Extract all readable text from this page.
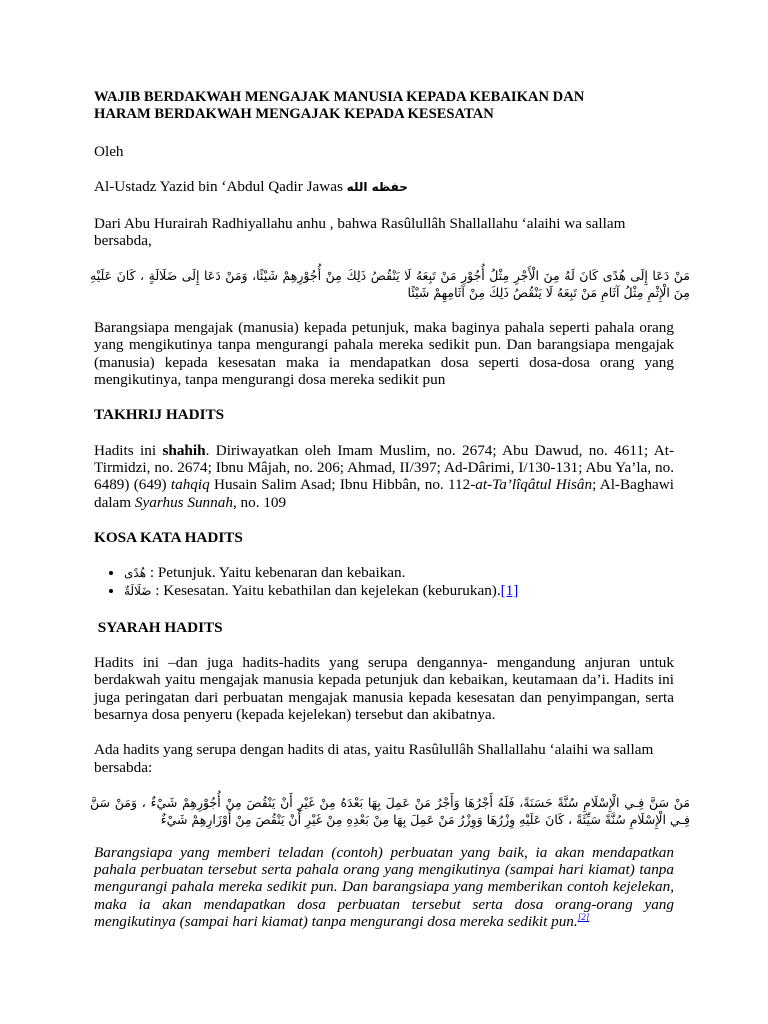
WAJIB BERDAKWAH MENGAJAK MANUSIA KEPADA KEBAIKAN DAN
HARAM BERDAKWAH MENGAJAK KEPADA KESESATAN

Oleh

Al-Ustadz Yazid bin ‘Abdul Qadir Jawas حفظه الله

Dari Abu Hurairah Radhiyallahu anhu , bahwa Rasûlullâh Shallallahu ‘alaihi wa sallam bersabda,

مَنْ دَعَا إِلَى هُدًى كَانَ لَهُ مِنَ الْأَجْرِ مِثْلُ أُجُوْرِ مَنْ تَبِعَهُ لَا يَنْقُصُ ذَلِكَ مِنْ أُجُوْرِهِمْ شَيْئًا، وَمَنْ دَعَا إِلَى ضَلَالَةٍ ، كَانَ عَلَيْهِ مِنَ الْإِثْمِ مِثْلُ آثَامِ مَنْ تَبِعَهُ لَا يَنْقُصُ ذَلِكَ مِنْ آثَامِهِمْ شَيْئًا

Barangsiapa mengajak (manusia) kepada petunjuk, maka baginya pahala seperti pahala orang yang mengikutinya tanpa mengurangi pahala mereka sedikit pun. Dan barangsiapa mengajak (manusia) kepada kesesatan maka ia mendapatkan dosa seperti dosa-dosa orang yang mengikutinya, tanpa mengurangi dosa mereka sedikit pun

TAKHRIJ HADITS

Hadits ini shahih. Diriwayatkan oleh Imam Muslim, no. 2674; Abu Dawud, no. 4611; At-Tirmidzi, no. 2674; Ibnu Mâjah, no. 206; Ahmad, II/397; Ad-Dârimi, I/130-131; Abu Ya’la, no. 6489) (649) tahqiq Husain Salim Asad; Ibnu Hibbân, no. 112-at-Ta’lîqâtul Hisân; Al-Baghawi dalam Syarhus Sunnah, no. 109

KOSA KATA HADITS

• هُدًى : Petunjuk. Yaitu kebenaran dan kebaikan.
• ضَلَالَةٌ : Kesesatan. Yaitu kebathilan dan kejelekan (keburukan).[1]

SYARAH HADITS

Hadits ini –dan juga hadits-hadits yang serupa dengannya- mengandung anjuran untuk berdakwah yaitu mengajak manusia kepada petunjuk dan kebaikan, keutamaan da’i. Hadits ini juga peringatan dari perbuatan mengajak manusia kepada kesesatan dan penyimpangan, serta besarnya dosa penyeru (kepada kejelekan) tersebut dan akibatnya.

Ada hadits yang serupa dengan hadits di atas, yaitu Rasûlullâh Shallallahu ‘alaihi wa sallam bersabda:

مَنْ سَنَّ فِـي الْإِسْلَامِ سُنَّةً حَسَنَةً، فَلَهُ أَجْرُهَا وَأَجْرُ مَنْ عَمِلَ بِهَا بَعْدَهُ مِنْ غَيْرِ أَنْ يَنْقُصَ مِنْ أُجُوْرِهِمْ شَيْءٌ ، وَمَنْ سَنَّ فِـي الْإِسْلَامِ سُنَّةً سَيِّئَةً ، كَانَ عَلَيْهِ وِزْرُهَا وَوِزْرُ مَنْ عَمِلَ بِهَا مِنْ بَعْدِهِ مِنْ غَيْرِ أَنْ يَنْقُصَ مِنْ أَوْزَارِهِمْ شَيْءٌ

Barangsiapa yang memberi teladan (contoh) perbuatan yang baik, ia akan mendapatkan pahala perbuatan tersebut serta pahala orang yang mengikutinya (sampai hari kiamat) tanpa mengurangi pahala mereka sedikit pun. Dan barangsiapa yang memberikan contoh kejelekan, maka ia akan mendapatkan dosa perbuatan tersebut serta dosa orang-orang yang mengikutinya (sampai hari kiamat) tanpa mengurangi dosa mereka sedikit pun.[2]
